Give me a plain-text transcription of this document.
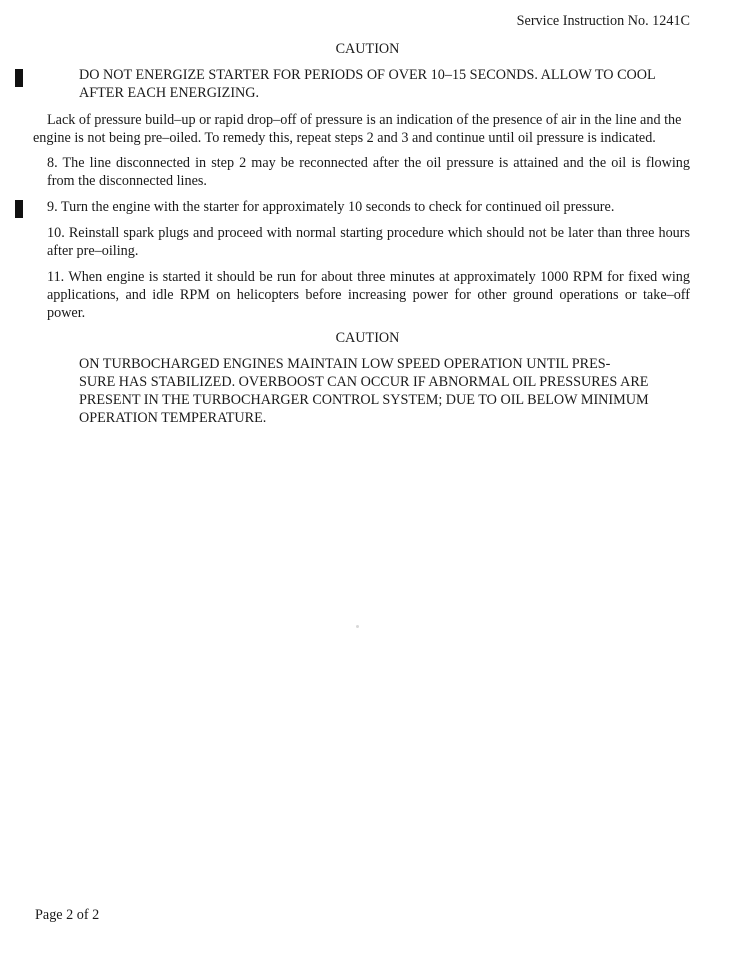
Service Instruction No. 1241C
CAUTION
DO NOT ENERGIZE STARTER FOR PERIODS OF OVER 10–15 SECONDS. ALLOW TO COOL AFTER EACH ENERGIZING.
Lack of pressure build–up or rapid drop–off of pressure is an indication of the presence of air in the line and the engine is not being pre–oiled. To remedy this, repeat steps 2 and 3 and continue until oil pressure is indicated.
8. The line disconnected in step 2 may be reconnected after the oil pressure is attained and the oil is flowing from the disconnected lines.
9. Turn the engine with the starter for approximately 10 seconds to check for continued oil pressure.
10. Reinstall spark plugs and proceed with normal starting procedure which should not be later than three hours after pre–oiling.
11. When engine is started it should be run for about three minutes at approximately 1000 RPM for fixed wing applications, and idle RPM on helicopters before increasing power for other ground operations or take–off power.
CAUTION
ON TURBOCHARGED ENGINES MAINTAIN LOW SPEED OPERATION UNTIL PRES- SURE HAS STABILIZED. OVERBOOST CAN OCCUR IF ABNORMAL OIL PRESSURES ARE PRESENT IN THE TURBOCHARGER CONTROL SYSTEM; DUE TO OIL BELOW MINIMUM OPERATION TEMPERATURE.
Page 2 of 2
